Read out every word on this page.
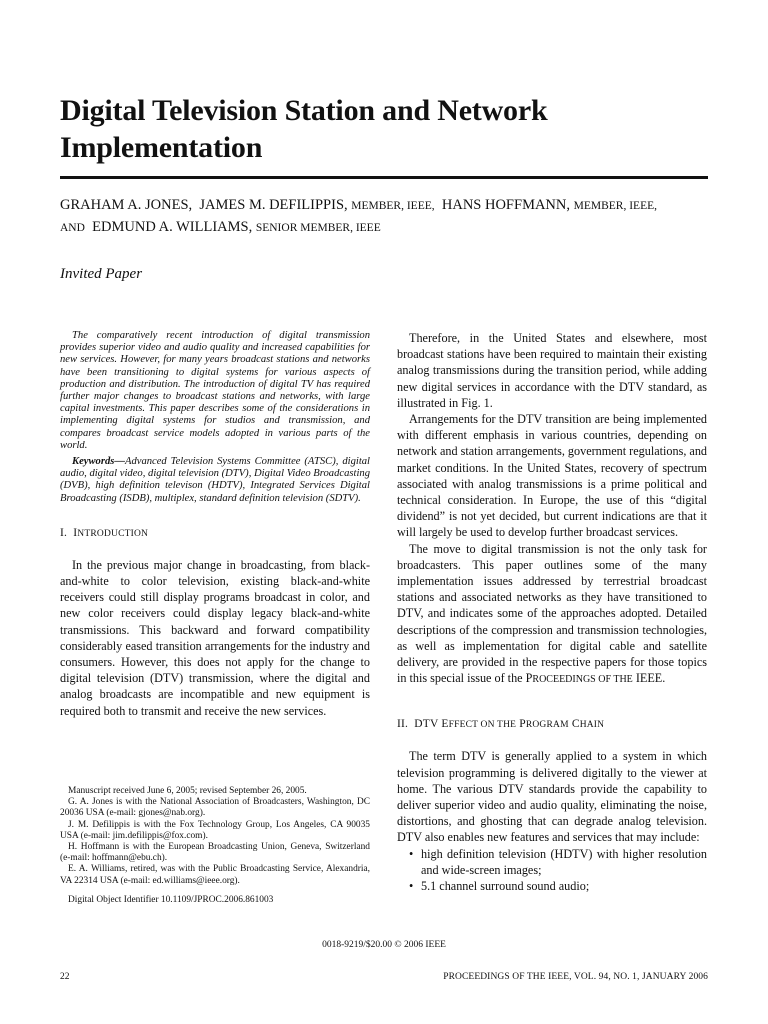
Digital Television Station and Network Implementation
GRAHAM A. JONES, JAMES M. DEFILIPPIS, MEMBER, IEEE, HANS HOFFMANN, MEMBER, IEEE,
AND EDMUND A. WILLIAMS, SENIOR MEMBER, IEEE
Invited Paper

The comparatively recent introduction of digital transmission provides superior video and audio quality and increased capabilities for new services. However, for many years broadcast stations and networks have been transitioning to digital systems for various aspects of production and distribution. The introduction of digital TV has required further major changes to broadcast stations and networks, with large capital investments. This paper describes some of the considerations in implementing digital systems for studios and transmission, and compares broadcast service models adopted in various parts of the world.

Keywords—Advanced Television Systems Committee (ATSC), digital audio, digital video, digital television (DTV), Digital Video Broadcasting (DVB), high definition televison (HDTV), Integrated Services Digital Broadcasting (ISDB), multiplex, standard definition television (SDTV).

I. INTRODUCTION

In the previous major change in broadcasting, from black-and-white to color television, existing black-and-white receivers could still display programs broadcast in color, and new color receivers could display legacy black-and-white transmissions. This backward and forward compatibility considerably eased transition arrangements for the industry and consumers. However, this does not apply for the change to digital television (DTV) transmission, where the digital and analog broadcasts are incompatible and new equipment is required both to transmit and receive the new services.

Manuscript received June 6, 2005; revised September 26, 2005.

G. A. Jones is with the National Association of Broadcasters, Washington, DC 20036 USA (e-mail: gjones@nab.org).

J. M. Defilippis is with the Fox Technology Group, Los Angeles, CA 90035 USA (e-mail: jim.defilippis@fox.com).

H. Hoffmann is with the European Broadcasting Union, Geneva, Switzerland (e-mail: hoffmann@ebu.ch).

E. A. Williams, retired, was with the Public Broadcasting Service, Alexandria, VA 22314 USA (e-mail: ed.williams@ieee.org).

Digital Object Identifier 10.1109/JPROC.2006.861003

Therefore, in the United States and elsewhere, most broadcast stations have been required to maintain their existing analog transmissions during the transition period, while adding new digital services in accordance with the DTV standard, as illustrated in Fig. 1.

Arrangements for the DTV transition are being implemented with different emphasis in various countries, depending on network and station arrangements, government regulations, and market conditions. In the United States, recovery of spectrum associated with analog transmissions is a prime political and technical consideration. In Europe, the use of this “digital dividend” is not yet decided, but current indications are that it will largely be used to develop further broadcast services.

The move to digital transmission is not the only task for broadcasters. This paper outlines some of the many implementation issues addressed by terrestrial broadcast stations and associated networks as they have transitioned to DTV, and indicates some of the approaches adopted. Detailed descriptions of the compression and transmission technologies, as well as implementation for digital cable and satellite delivery, are provided in the respective papers for those topics in this special issue of the PROCEEDINGS OF THE IEEE.

II. DTV EFFECT ON THE PROGRAM CHAIN

The term DTV is generally applied to a system in which television programming is delivered digitally to the viewer at home. The various DTV standards provide the capability to deliver superior video and audio quality, eliminating the noise, distortions, and ghosting that can degrade analog television. DTV also enables new features and services that may include:

• high definition television (HDTV) with higher resolution and wide-screen images;
• 5.1 channel surround sound audio;
0018-9219/$20.00 © 2006 IEEE
22	PROCEEDINGS OF THE IEEE, VOL. 94, NO. 1, JANUARY 2006
